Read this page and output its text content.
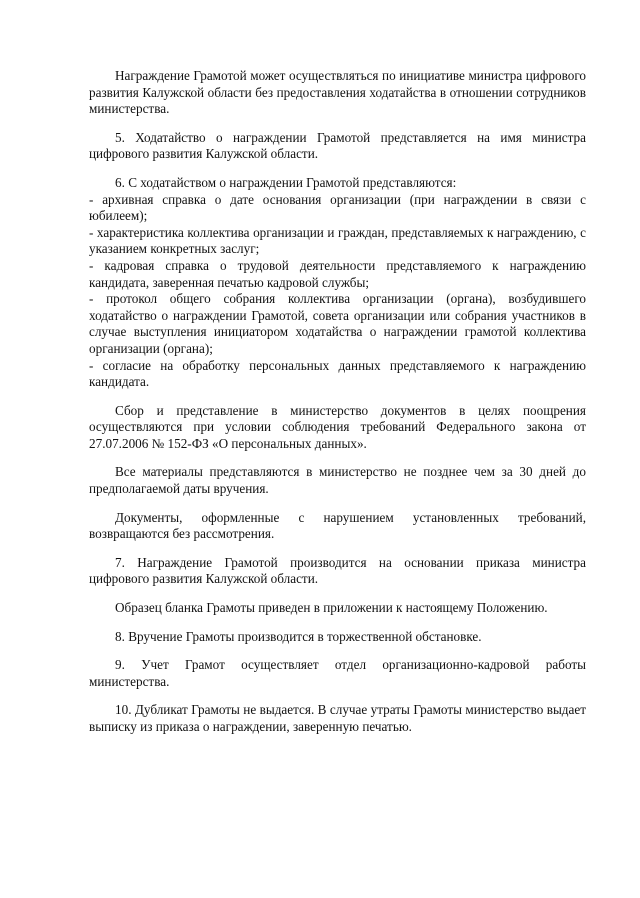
Награждение Грамотой может осуществляться по инициативе министра цифрового развития Калужской области без предоставления ходатайства в отношении сотрудников министерства.

5. Ходатайство о награждении Грамотой представляется на имя министра цифрового развития Калужской области.

6. С ходатайством о награждении Грамотой представляются:

- архивная справка о дате основания организации (при награждении в связи с юбилеем);

- характеристика коллектива организации и граждан, представляемых к награждению, с указанием конкретных заслуг;

- кадровая справка о трудовой деятельности представляемого к награждению кандидата, заверенная печатью кадровой службы;

- протокол общего собрания коллектива организации (органа), возбудившего ходатайство о награждении Грамотой, совета организации или собрания участников в случае выступления инициатором ходатайства о награждении грамотой коллектива организации (органа);

- согласие на обработку персональных данных представляемого к награждению кандидата.

Сбор и представление в министерство документов в целях поощрения осуществляются при условии соблюдения требований Федерального закона от 27.07.2006 № 152-ФЗ «О персональных данных».

Все материалы представляются в министерство не позднее чем за 30 дней до предполагаемой даты вручения.

Документы, оформленные с нарушением установленных требований, возвращаются без рассмотрения.

7. Награждение Грамотой производится на основании приказа министра цифрового развития Калужской области.

Образец бланка Грамоты приведен в приложении к настоящему Положению.

8. Вручение Грамоты производится в торжественной обстановке.

9. Учет Грамот осуществляет отдел организационно-кадровой работы министерства.

10. Дубликат Грамоты не выдается. В случае утраты Грамоты министерство выдает выписку из приказа о награждении, заверенную печатью.
